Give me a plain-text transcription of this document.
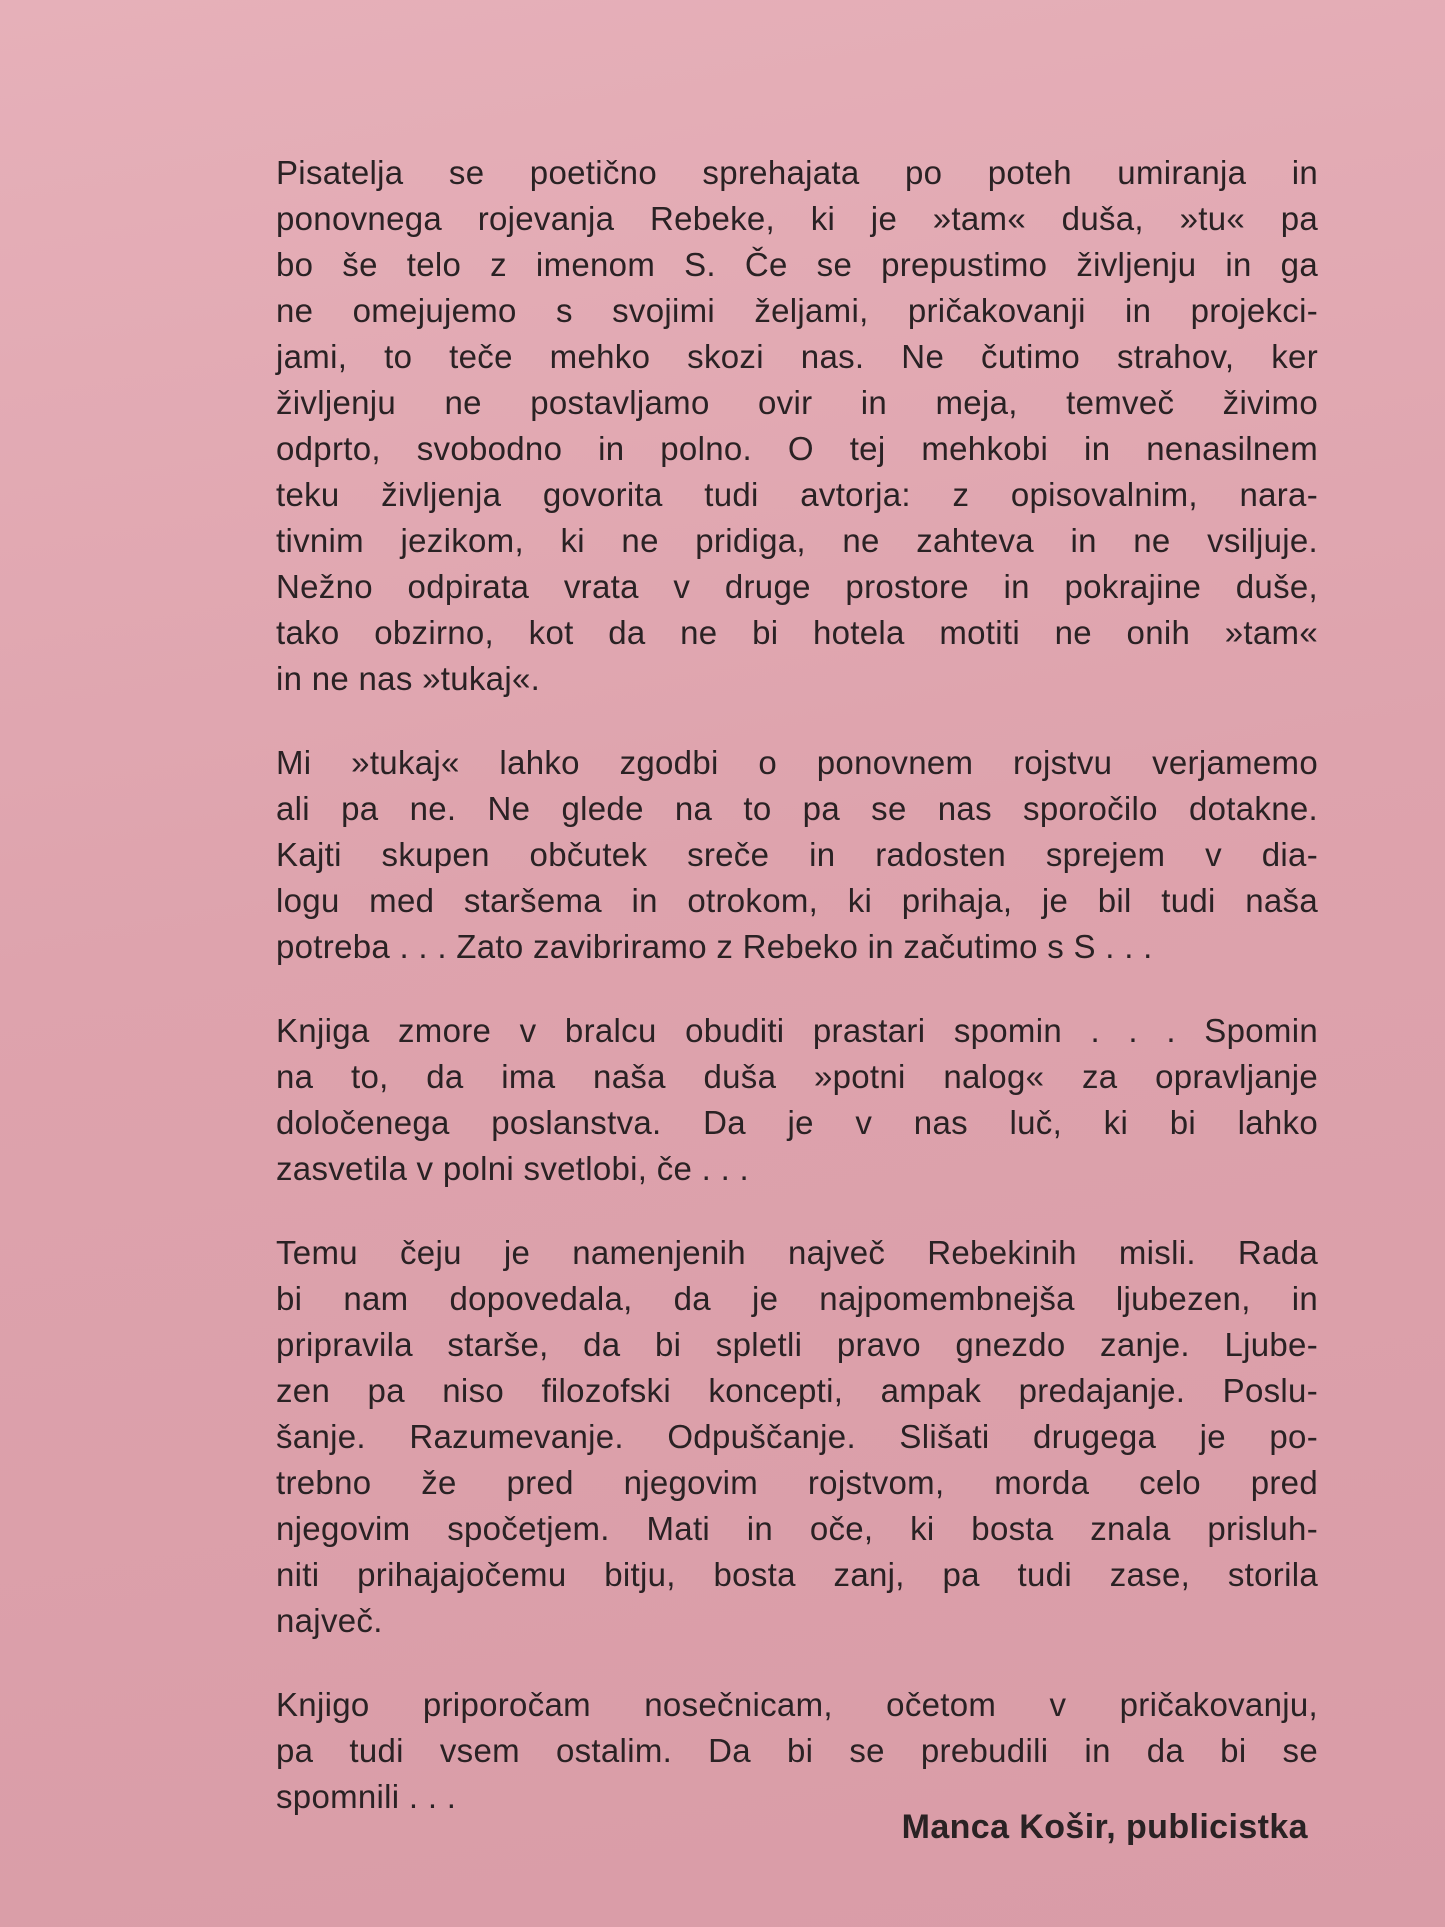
Pisatelja se poetično sprehajata po poteh umiranja in
ponovnega rojevanja Rebeke, ki je »tam« duša, »tu« pa
bo še telo z imenom S. Če se prepustimo življenju in ga
ne omejujemo s svojimi željami, pričakovanji in projekci-
jami, to teče mehko skozi nas. Ne čutimo strahov, ker
življenju ne postavljamo ovir in meja, temveč živimo
odprto, svobodno in polno. O tej mehkobi in nenasilnem
teku življenja govorita tudi avtorja: z opisovalnim, nara-
tivnim jezikom, ki ne pridiga, ne zahteva in ne vsiljuje.
Nežno odpirata vrata v druge prostore in pokrajine duše,
tako obzirno, kot da ne bi hotela motiti ne onih »tam«
in ne nas »tukaj«.
Mi »tukaj« lahko zgodbi o ponovnem rojstvu verjamemo
ali pa ne. Ne glede na to pa se nas sporočilo dotakne.
Kajti skupen občutek sreče in radosten sprejem v dia-
logu med staršema in otrokom, ki prihaja, je bil tudi naša
potreba . . . Zato zavibriramo z Rebeko in začutimo s S . . .
Knjiga zmore v bralcu obuditi prastari spomin . . . Spomin
na to, da ima naša duša »potni nalog« za opravljanje
določenega poslanstva. Da je v nas luč, ki bi lahko
zasvetila v polni svetlobi, če . . .
Temu čeju je namenjenih največ Rebekinih misli. Rada
bi nam dopovedala, da je najpomembnejša ljubezen, in
pripravila starše, da bi spletli pravo gnezdo zanje. Ljube-
zen pa niso filozofski koncepti, ampak predajanje. Poslu-
šanje. Razumevanje. Odpuščanje. Slišati drugega je po-
trebno že pred njegovim rojstvom, morda celo pred
njegovim spočetjem. Mati in oče, ki bosta znala prisluh-
niti prihajajočemu bitju, bosta zanj, pa tudi zase, storila
največ.
Knjigo priporočam nosečnicam, očetom v pričakovanju,
pa tudi vsem ostalim. Da bi se prebudili in da bi se
spomnili . . .
Manca Košir, publicistka
